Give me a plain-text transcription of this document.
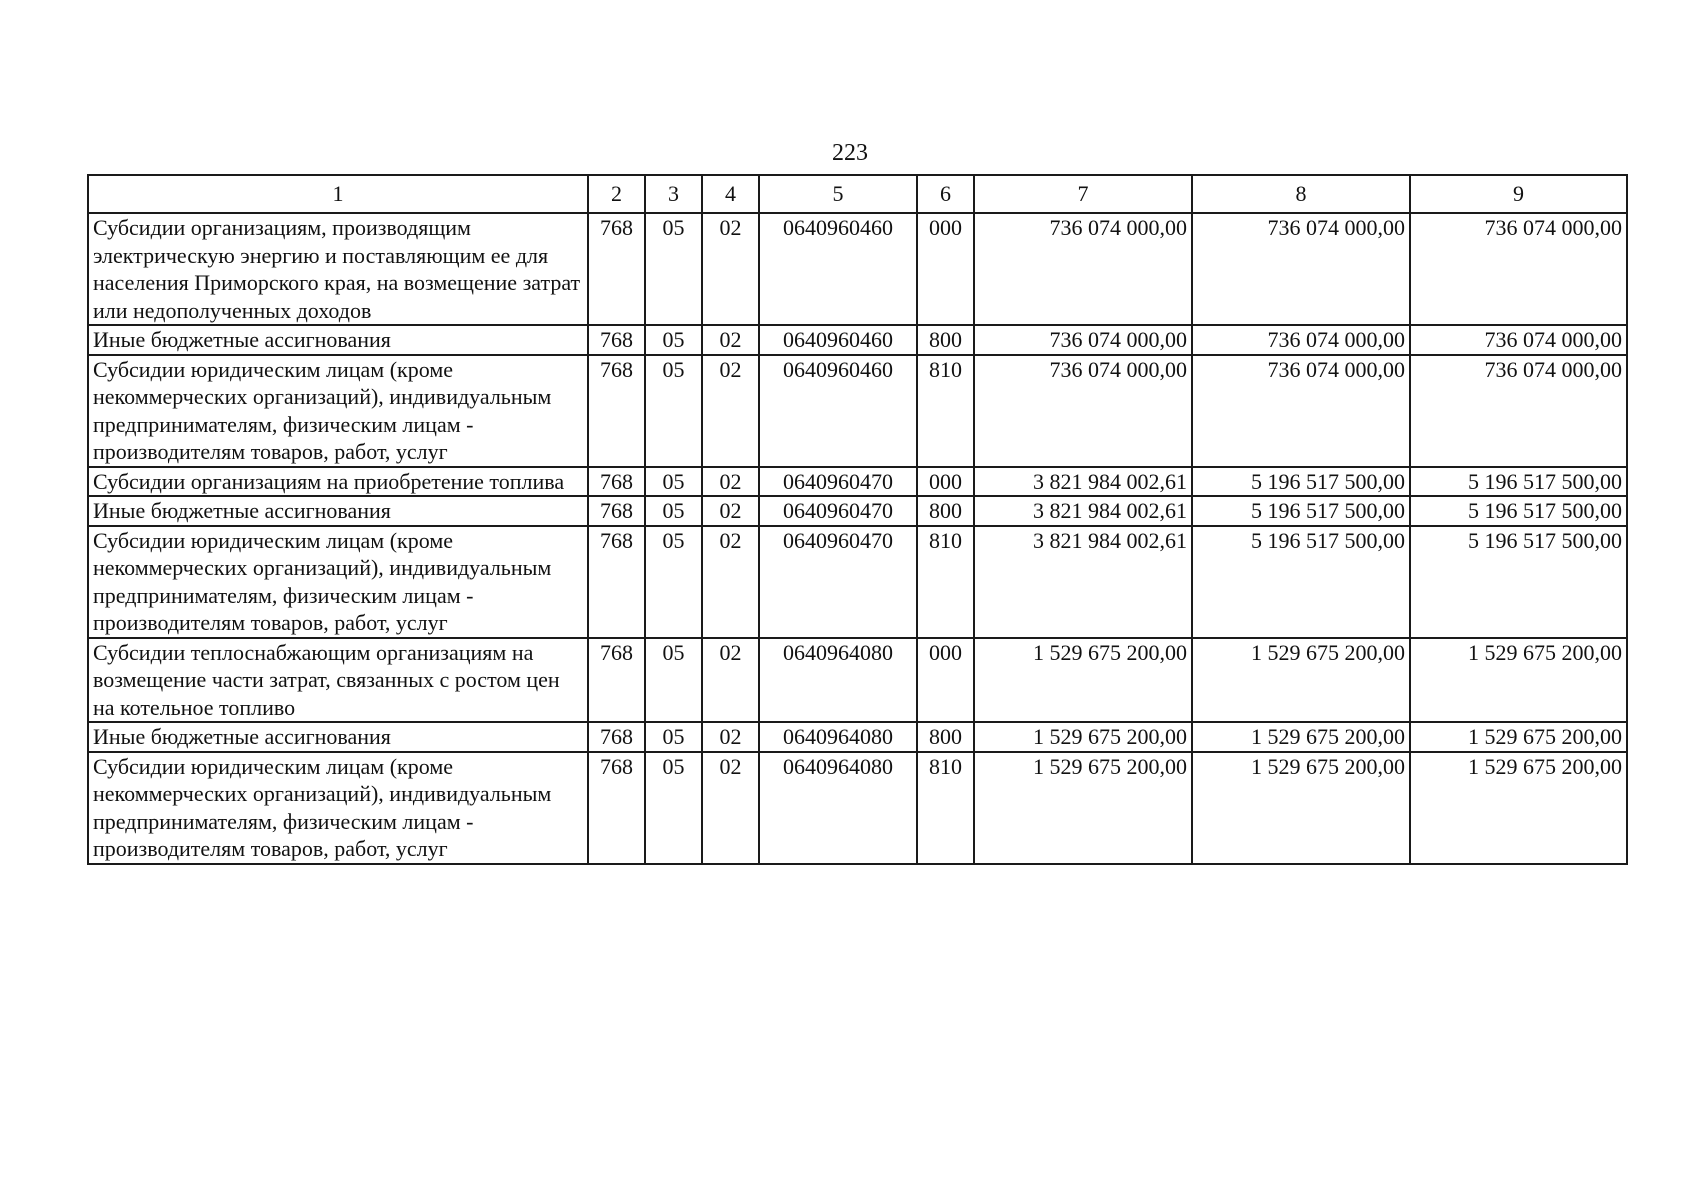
223
1	2	3	4	5	6	7	8	9
Субсидии организациям, производящим электрическую энергию и поставляющим ее для населения Приморского края, на возмещение затрат или недополученных доходов	768	05	02	0640960460	000	736 074 000,00	736 074 000,00	736 074 000,00
Иные бюджетные ассигнования	768	05	02	0640960460	800	736 074 000,00	736 074 000,00	736 074 000,00
Субсидии юридическим лицам (кроме некоммерческих организаций), индивидуальным предпринимателям, физическим лицам - производителям товаров, работ, услуг	768	05	02	0640960460	810	736 074 000,00	736 074 000,00	736 074 000,00
Субсидии организациям на приобретение топлива	768	05	02	0640960470	000	3 821 984 002,61	5 196 517 500,00	5 196 517 500,00
Иные бюджетные ассигнования	768	05	02	0640960470	800	3 821 984 002,61	5 196 517 500,00	5 196 517 500,00
Субсидии юридическим лицам (кроме некоммерческих организаций), индивидуальным предпринимателям, физическим лицам - производителям товаров, работ, услуг	768	05	02	0640960470	810	3 821 984 002,61	5 196 517 500,00	5 196 517 500,00
Субсидии теплоснабжающим организациям на возмещение части затрат, связанных с ростом цен на котельное топливо	768	05	02	0640964080	000	1 529 675 200,00	1 529 675 200,00	1 529 675 200,00
Иные бюджетные ассигнования	768	05	02	0640964080	800	1 529 675 200,00	1 529 675 200,00	1 529 675 200,00
Субсидии юридическим лицам (кроме некоммерческих организаций), индивидуальным предпринимателям, физическим лицам - производителям товаров, работ, услуг	768	05	02	0640964080	810	1 529 675 200,00	1 529 675 200,00	1 529 675 200,00
